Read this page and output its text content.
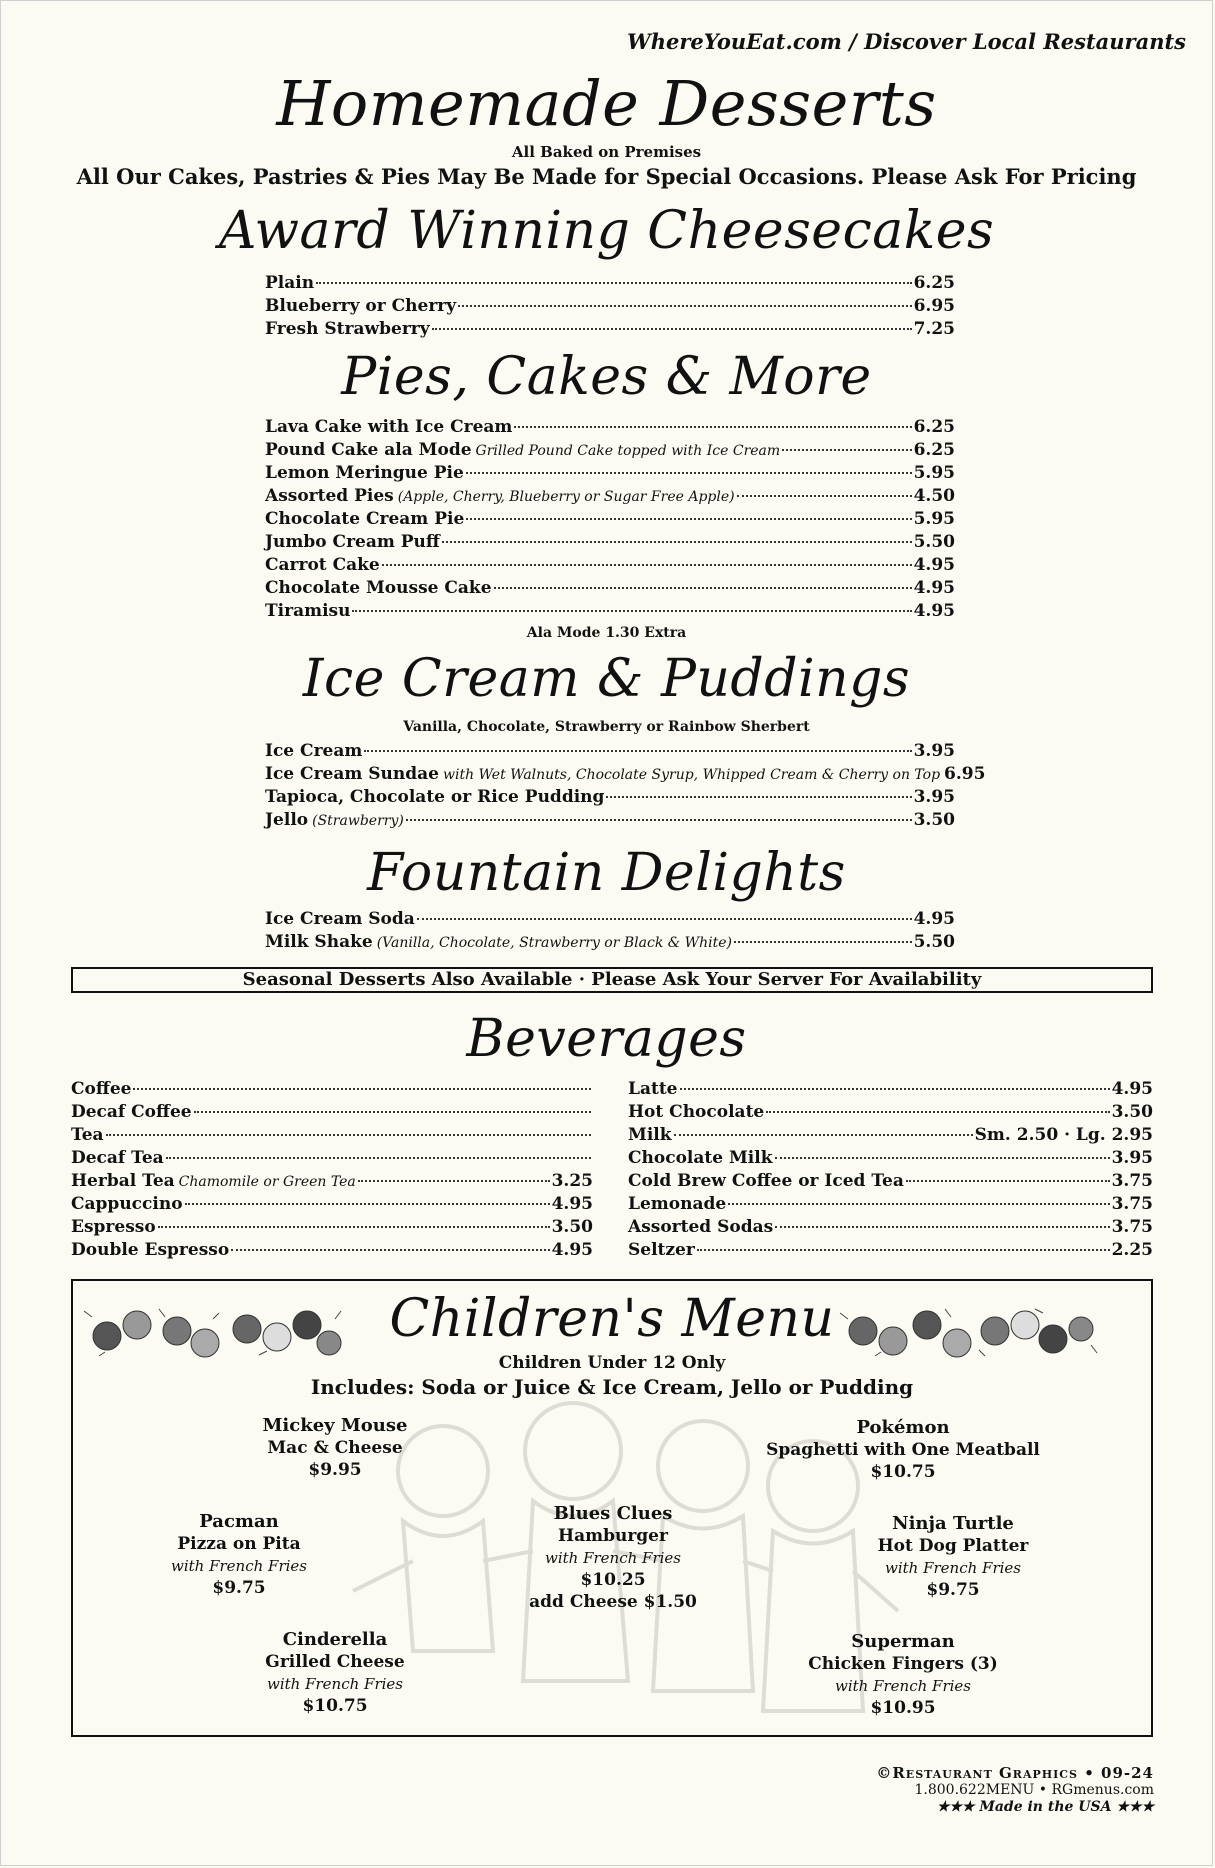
WhereYouEat.com / Discover Local Restaurants
Homemade Desserts
All Baked on Premises
All Our Cakes, Pastries & Pies May Be Made for Special Occasions. Please Ask For Pricing
Award Winning Cheesecakes
Plain	6.25
Blueberry or Cherry	6.95
Fresh Strawberry	7.25
Pies, Cakes & More
Lava Cake with Ice Cream	6.25
Pound Cake ala Mode Grilled Pound Cake topped with Ice Cream	6.25
Lemon Meringue Pie	5.95
Assorted Pies (Apple, Cherry, Blueberry or Sugar Free Apple)	4.50
Chocolate Cream Pie	5.95
Jumbo Cream Puff	5.50
Carrot Cake	4.95
Chocolate Mousse Cake	4.95
Tiramisu	4.95
Ala Mode 1.30 Extra
Ice Cream & Puddings
Vanilla, Chocolate, Strawberry or Rainbow Sherbert
Ice Cream	3.95
Ice Cream Sundae with Wet Walnuts, Chocolate Syrup, Whipped Cream & Cherry on Top 6.95
Tapioca, Chocolate or Rice Pudding	3.95
Jello (Strawberry)	3.50
Fountain Delights
Ice Cream Soda	4.95
Milk Shake (Vanilla, Chocolate, Strawberry or Black & White)	5.50
Seasonal Desserts Also Available · Please Ask Your Server For Availability
Beverages
Coffee
Decaf Coffee
Tea
Decaf Tea
Herbal Tea Chamomile or Green Tea	3.25
Cappuccino	4.95
Espresso	3.50
Double Espresso	4.95
Latte	4.95
Hot Chocolate	3.50
Milk	Sm. 2.50 · Lg. 2.95
Chocolate Milk	3.95
Cold Brew Coffee or Iced Tea	3.75
Lemonade	3.75
Assorted Sodas	3.75
Seltzer	2.25
Children's Menu
Children Under 12 Only
Includes: Soda or Juice & Ice Cream, Jello or Pudding
Mickey Mouse
Mac & Cheese
$9.95
Pokémon
Spaghetti with One Meatball
$10.75
Pacman
Pizza on Pita
with French Fries
$9.75
Blues Clues
Hamburger
with French Fries
$10.25
add Cheese $1.50
Ninja Turtle
Hot Dog Platter
with French Fries
$9.75
Cinderella
Grilled Cheese
with French Fries
$10.75
Superman
Chicken Fingers (3)
with French Fries
$10.95
©Restaurant Graphics • 09-24
1.800.622MENU • RGmenus.com
★★★ Made in the USA ★★★
